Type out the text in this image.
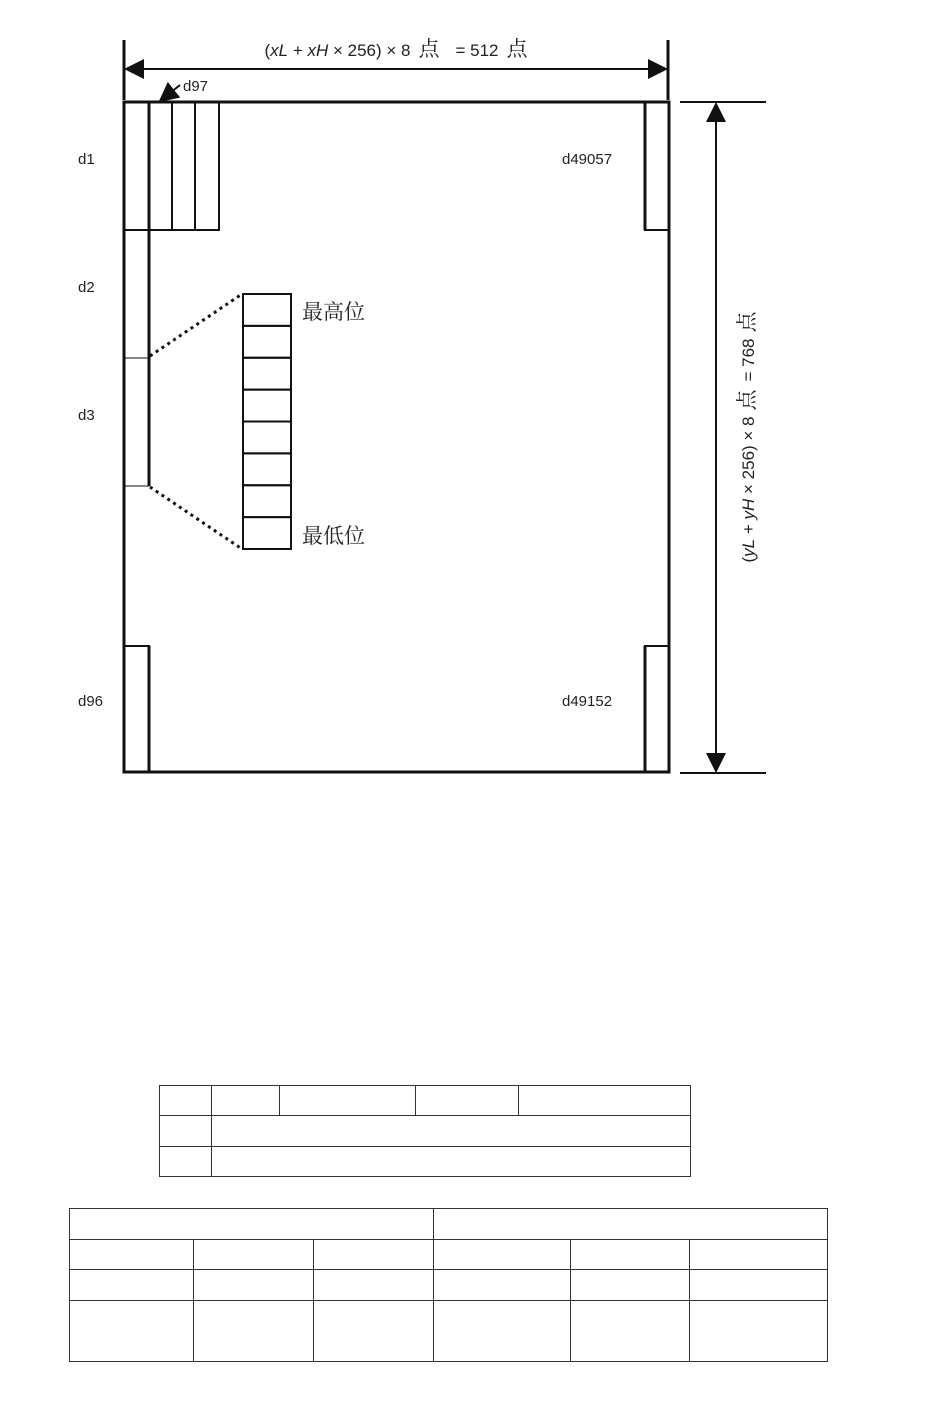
(xL + xH × 256) × 8 点 = 512 点
d97
d1
d2
d3
d96
d49057
d49152
最高位
最低位
(yL + yH × 256) × 8点= 768点
